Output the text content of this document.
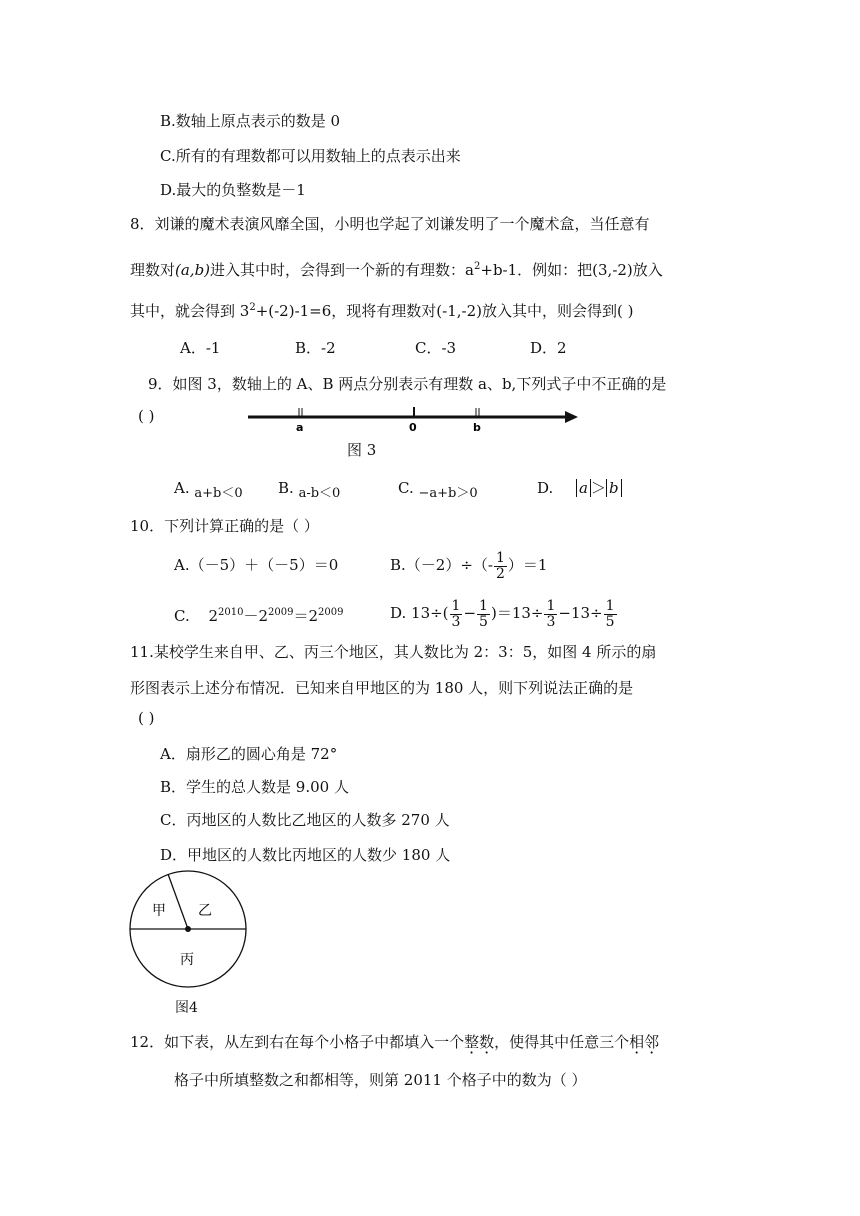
B.数轴上原点表示的数是 0
C.所有的有理数都可以用数轴上的点表示出来
D.最大的负整数是－1
8．刘谦的魔术表演风靡全国，小明也学起了刘谦发明了一个魔术盒，当任意有
理数对(a,b)进入其中时，会得到一个新的有理数：$a^2+b-1$．例如：把(3,-2)放入
其中，就会得到 $3^2+(-2)-1=6$，现将有理数对(-1,-2)放入其中，则会得到( )
A．-1	B．-2	C．-3	D．2
9．如图 3，数轴上的 A、B 两点分别表示有理数 a、b,下列式子中不正确的是
( )
a	0	b
图 3
A. a+b＜0 B. a-b＜0	C. −a+b＞0	D. a ＞ b
10．下列计算正确的是（ ）
A.（－5）＋（－5）＝0	$B.(-2)\div(- \frac{1}{2} )=1$
C. $2^{2010}-2^{2009}=2^{2009}$	D. $13\div( \frac{1}{3} - \frac{1}{5} )=13\div \frac{1}{3} -13\div \frac{1}{5}$
11.某校学生来自甲、乙、丙三个地区，其人数比为 2：3：5，如图 4 所示的扇
形图表示上述分布情况．已知来自甲地区的为 180 人，则下列说法正确的是
( )
A．扇形乙的圆心角是 72°
B．学生的总人数是 9.00 人
C．丙地区的人数比乙地区的人数多 270 人
D．甲地区的人数比丙地区的人数少 180 人
甲 乙
丙
图4
12．如下表，从左到右在每个小格子中都填入一个整数，使得其中任意三个相邻
格子中所填整数之和都相等，则第 2011 个格子中的数为（ ）
